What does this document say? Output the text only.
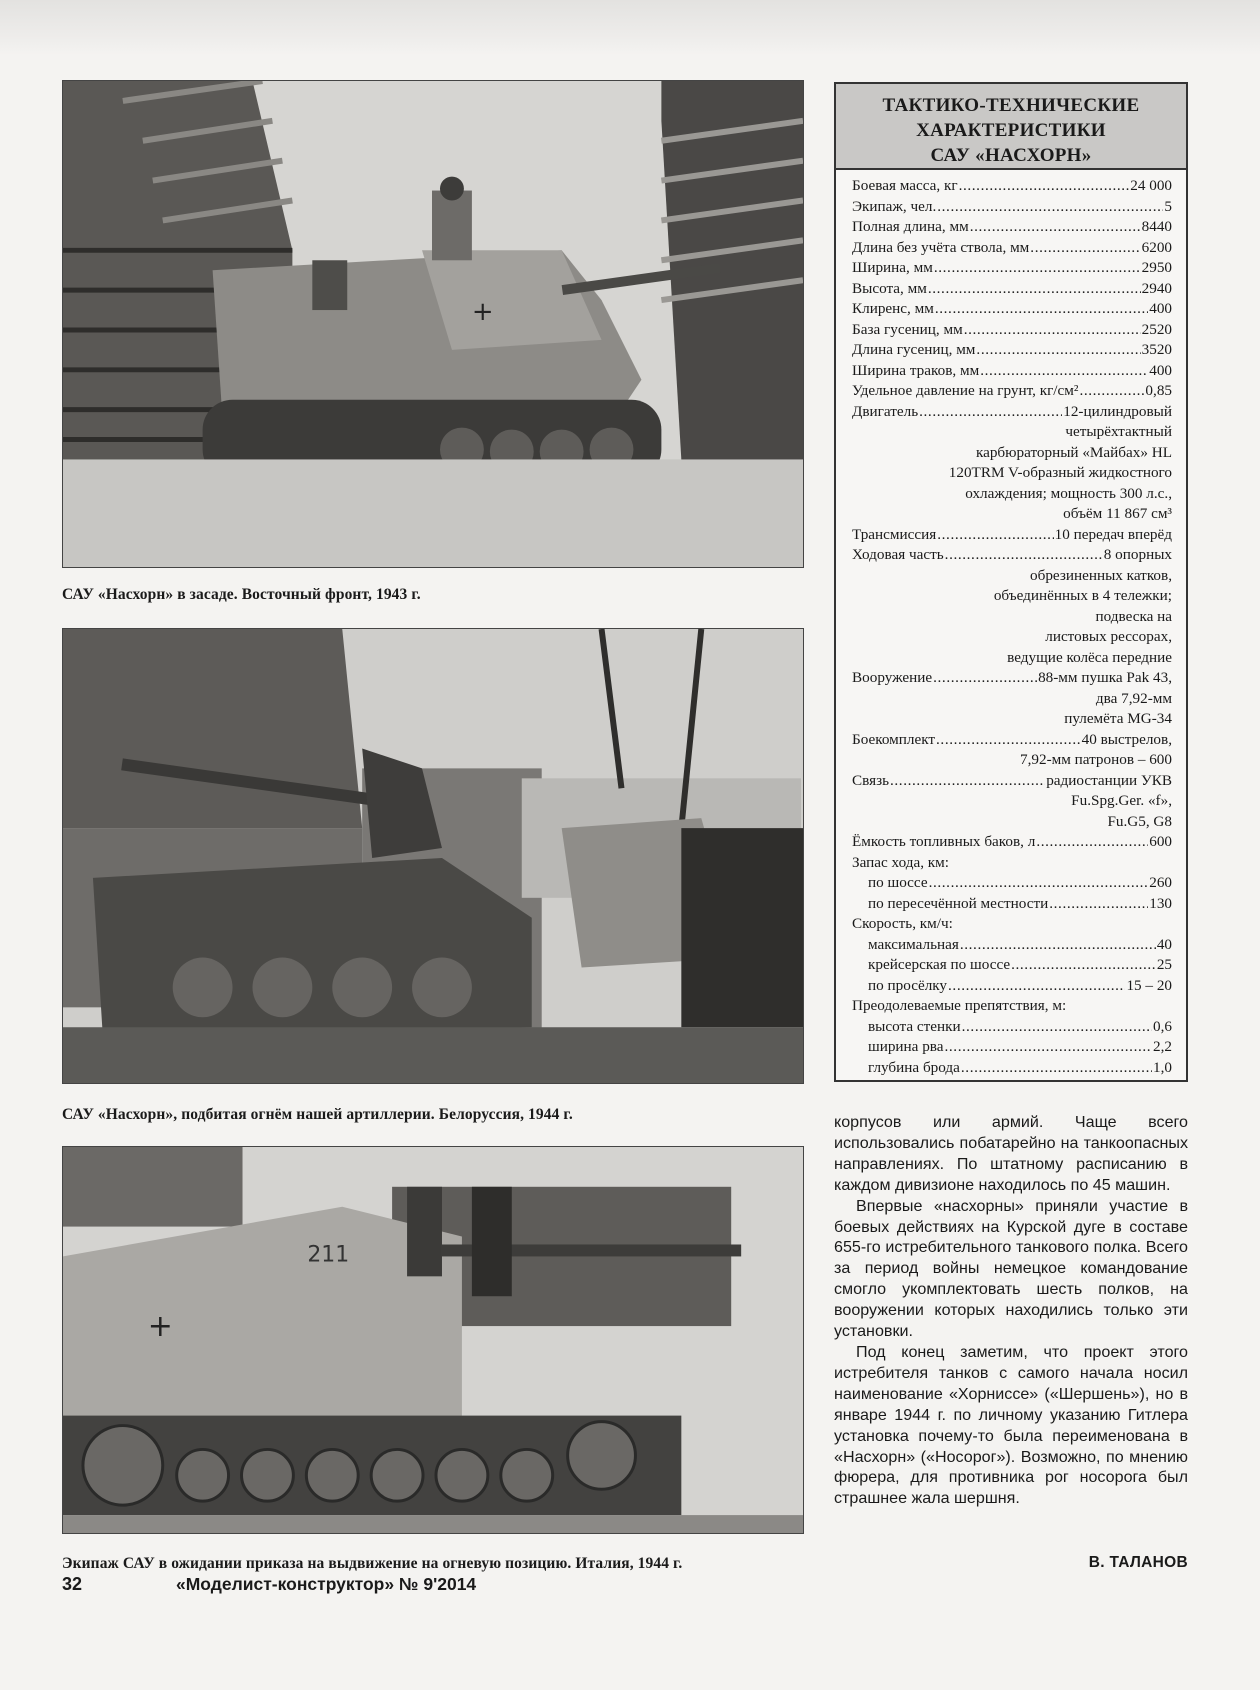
+
САУ «Насхорн» в засаде. Восточный фронт, 1943 г.
САУ «Насхорн», подбитая огнём нашей артиллерии. Белоруссия, 1944 г.
211
+
Экипаж САУ в ожидании приказа на выдвижение на огневую позицию. Италия, 1944 г.
ТАКТИКО-ТЕХНИЧЕСКИЕ
ХАРАКТЕРИСТИКИ
САУ «НАСХОРН»
Боевая масса, кг .....	24 000
Экипаж, чел. .....	5
Полная длина, мм .....	8440
Длина без учёта ствола, мм .....	6200
Ширина, мм .....	2950
Высота, мм .....	2940
Клиренс, мм .....	400
База гусениц, мм .....	2520
Длина гусениц, мм .....	3520
Ширина траков, мм .....	400
Удельное давление на грунт, кг/см² .....	0,85
Двигатель .....	12-цилиндровый
четырёхтактный
карбюраторный «Майбах» HL
120TRM V-образный жидкостного
охлаждения; мощность 300 л.с.,
объём 11 867 см³
Трансмиссия .....	10 передач вперёд
Ходовая часть .....	8 опорных
обрезиненных катков,
объединённых в 4 тележки;
подвеска на
листовых рессорах,
ведущие колёса передние
Вооружение .....	88-мм пушка Pak 43,
два 7,92-мм
пулемёта MG-34
Боекомплект .....	40 выстрелов,
7,92-мм патронов – 600
Связь .....	радиостанции УКВ
Fu.Spg.Ger. «f»,
Fu.G5, G8
Ёмкость топливных баков, л .....	600
Запас хода, км:
по шоссе .....	260
по пересечённой местности .....	130
Скорость, км/ч:
максимальная .....	40
крейсерская по шоссе .....	25
по просёлку .....	15 – 20
Преодолеваемые препятствия, м:
высота стенки .....	0,6
ширина рва .....	2,2
глубина брода .....	1,0

корпусов или армий. Чаще всего использовались побатарейно на танкоопасных направлениях. По штатному расписанию в каждом дивизионе находилось по 45 машин.

Впервые «насхорны» приняли участие в боевых действиях на Курской дуге в составе 655-го истребительного танкового полка. Всего за период войны немецкое командование смогло укомплектовать шесть полков, на вооружении которых находились только эти установки.

Под конец заметим, что проект этого истребителя танков с самого начала носил наименование «Хорниссе» («Шершень»), но в январе 1944 г. по личному указанию Гитлера установка почему-то была переименована в «Насхорн» («Носорог»). Возможно, по мнению фюрера, для противника рог носорога был страшнее жала шершня.

В. ТАЛАНОВ
32	«Моделист-конструктор» № 9'2014
